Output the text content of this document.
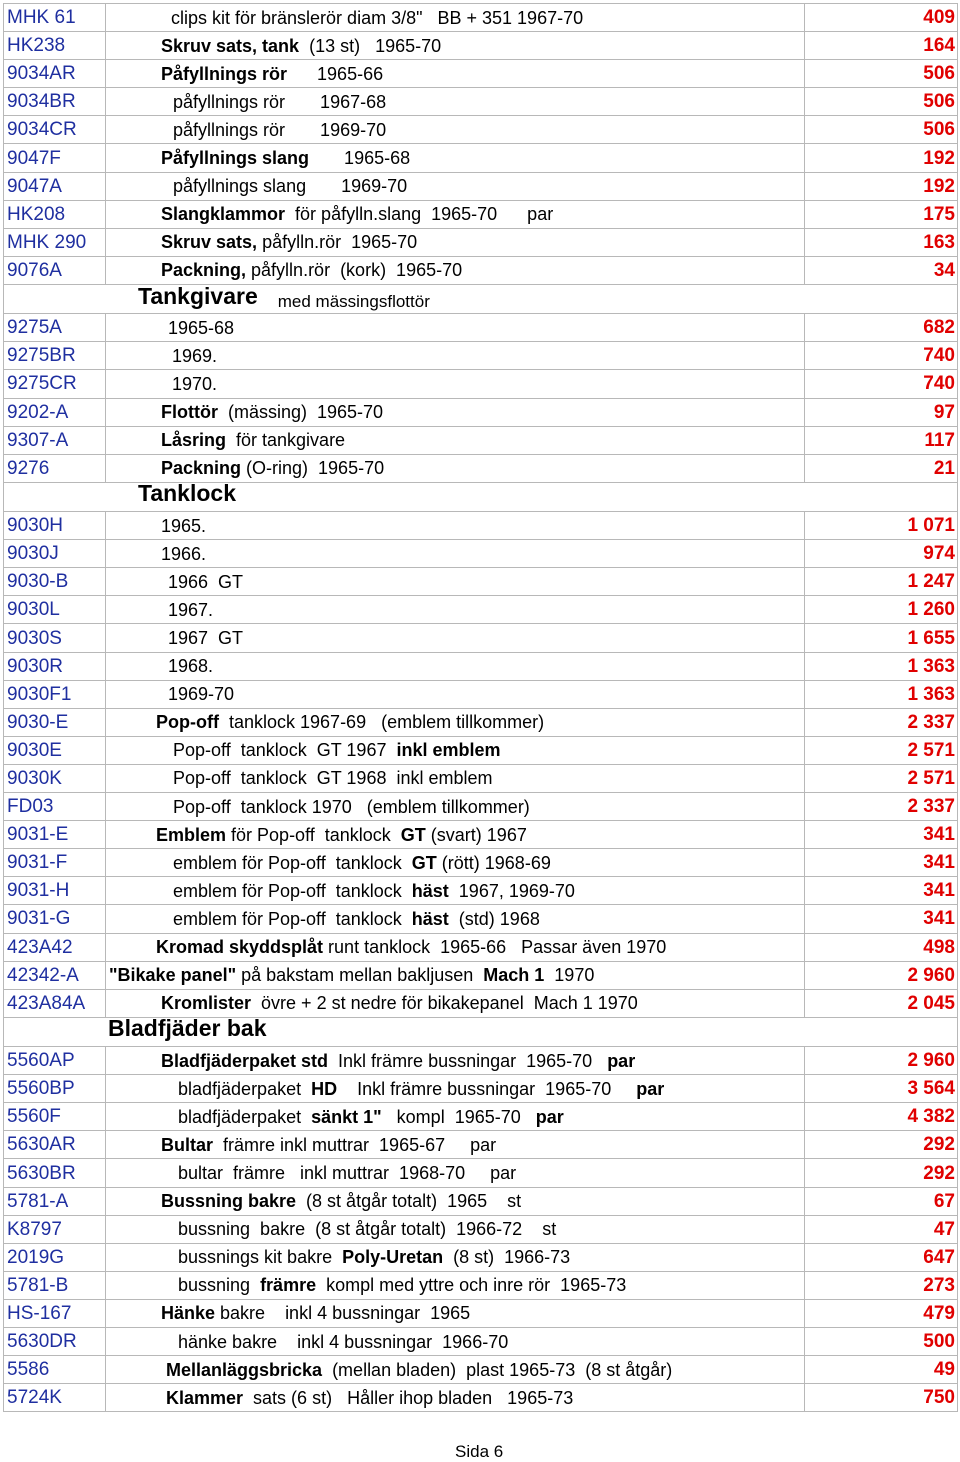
MHK 61	clips kit för bränslerör diam 3/8"   BB + 351 1967-70	409
HK238	Skruv sats, tank  (13 st)   1965-70	164
9034AR	Påfyllnings rör      1965-66	506
9034BR	påfyllnings rör       1967-68	506
9034CR	påfyllnings rör       1969-70	506
9047F	Påfyllnings slang       1965-68	192
9047A	påfyllnings slang       1969-70	192
HK208	Slangklammor  för påfylln.slang  1965-70      par	175
MHK 290	Skruv sats, påfylln.rör  1965-70	163
9076A	Packning, påfylln.rör  (kork)  1965-70	34
Tankgivare med mässingsflottör		
9275A	1965-68	682
9275BR	1969.	740
9275CR	1970.	740
9202-A	Flottör  (mässing)  1965-70	97
9307-A	Låsring  för tankgivare	117
9276	Packning (O-ring)  1965-70	21
Tanklock		
9030H	1965.	1 071
9030J	1966.	974
9030-B	1966  GT	1 247
9030L	1967.	1 260
9030S	1967  GT	1 655
9030R	1968.	1 363
9030F1	1969-70	1 363
9030-E	Pop-off  tanklock 1967-69   (emblem tillkommer)	2 337
9030E	Pop-off  tanklock  GT 1967  inkl emblem	2 571
9030K	Pop-off  tanklock  GT 1968  inkl emblem	2 571
FD03	Pop-off  tanklock 1970   (emblem tillkommer)	2 337
9031-E	Emblem för Pop-off  tanklock  GT (svart) 1967	341
9031-F	emblem för Pop-off  tanklock  GT (rött) 1968-69	341
9031-H	emblem för Pop-off  tanklock  häst  1967, 1969-70	341
9031-G	emblem för Pop-off  tanklock  häst  (std) 1968	341
423A42	Kromad skyddsplåt runt tanklock  1965-66   Passar även 1970	498
42342-A	"Bikake panel" på bakstam mellan bakljusen  Mach 1  1970	2 960
423A84A	Kromlister  övre + 2 st nedre för bikakepanel  Mach 1 1970	2 045
Bladfjäder bak		
5560AP	Bladfjäderpaket std  Inkl främre bussningar  1965-70   par	2 960
5560BP	bladfjäderpaket  HD    Inkl främre bussningar  1965-70     par	3 564
5560F	bladfjäderpaket  sänkt 1"   kompl  1965-70   par	4 382
5630AR	Bultar  främre inkl muttrar  1965-67     par	292
5630BR	bultar  främre   inkl muttrar  1968-70     par	292
5781-A	Bussning bakre  (8 st åtgår totalt)  1965    st	67
K8797	bussning  bakre  (8 st åtgår totalt)  1966-72    st	47
2019G	bussnings kit bakre  Poly-Uretan  (8 st)  1966-73	647
5781-B	bussning  främre  kompl med yttre och inre rör  1965-73	273
HS-167	Hänke bakre    inkl 4 bussningar  1965	479
5630DR	hänke bakre    inkl 4 bussningar  1966-70	500
5586	Mellanläggsbricka  (mellan bladen)  plast 1965-73  (8 st åtgår)	49
5724K	Klammer  sats (6 st)   Håller ihop bladen   1965-73	750
Sida 6
